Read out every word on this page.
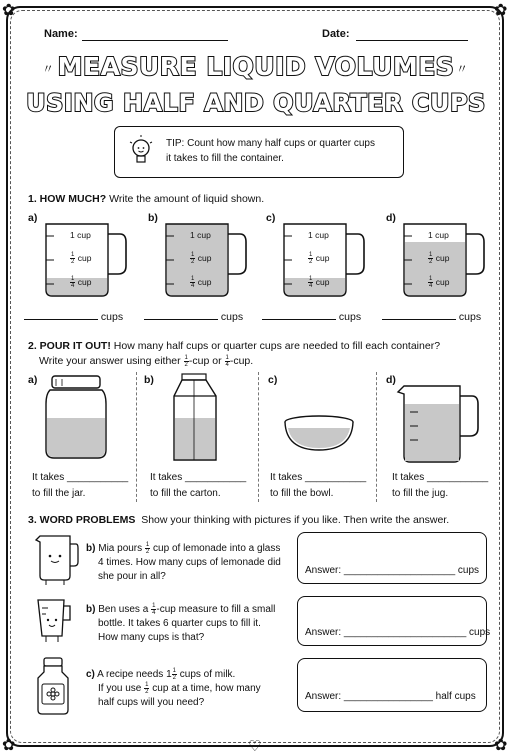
✿	✿
✿	✿
♡
Name:	Date:
MEASURE LIQUID VOLUMES
USING HALF AND QUARTER CUPS
〃	〃
TIP: Count how many half cups or quarter cups
it takes to fill the container.
1. HOW MUCH? Write the amount of liquid shown.
a)
1 cup
$\frac{1}{2}$ cup
$\frac{1}{4}$ cup
cups
b)
1 cup
$\frac{1}{2}$ cup
$\frac{1}{4}$ cup
cups
c)
1 cup
$\frac{1}{2}$ cup
$\frac{1}{4}$ cup
cups
d)
1 cup
$\frac{1}{2}$ cup
$\frac{1}{4}$ cup
cups
2. POUR IT OUT! How many half cups or quarter cups are needed to fill each container?
Write your answer using either $\frac{1}{2} -cup$ or $\frac{1}{4} -cup$.
a)	b)	c)	d)
It takes ___________
to fill the jar.
It takes ___________
to fill the carton.
It takes ___________
to fill the bowl.
It takes ___________
to fill the jug.
3. WORD PROBLEMS Show your thinking with pictures if you like. Then write the answer.
b) Mia pours $\frac{1}{2}$ cup of lemonade into a glass
4 times. How many cups of lemonade did
she pour in all?
Answer: ____________________ cups
b) Ben uses a $\frac{1}{4} -cup$ measure to fill a small
bottle. It takes 6 quarter cups to fill it.
How many cups is that?	Answer: ______________________ cups
c) A recipe needs $1 \frac{1}{2}$ cups of milk.
If you use $\frac{1}{2}$ cup at a time, how many
half cups will you need?
Answer: ________________ half cups
